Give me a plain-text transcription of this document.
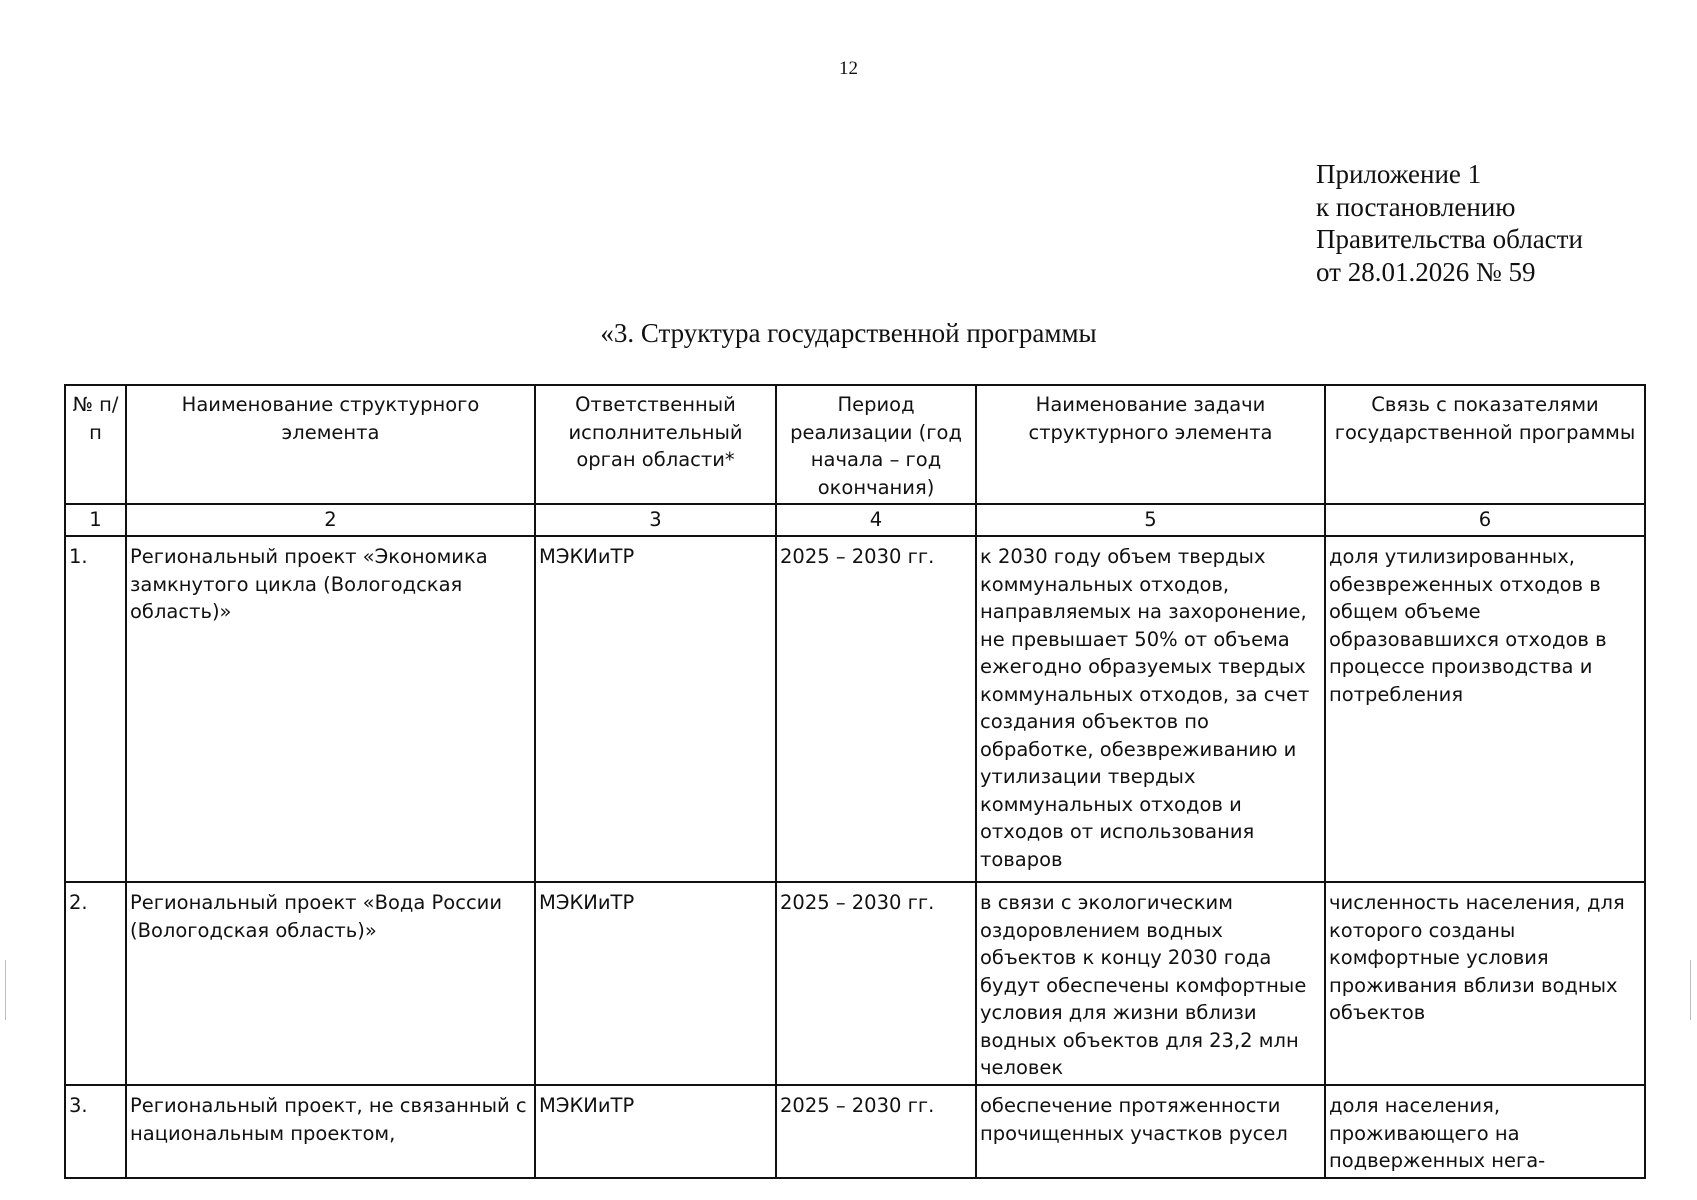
12
Приложение 1
к постановлению
Правительства области
от 28.01.2026 № 59
«3. Структура государственной программы
№ п/п	Наименование структурного элемента	Ответственный исполнительный орган области*	Период реализации (год начала – год окончания)	Наименование задачи структурного элемента	Связь с показателями государственной программы
1	2	3	4	5	6
1.	Региональный проект «Экономика замкнутого цикла (Вологодская область)»	МЭКИиТР	2025 – 2030 гг.	к 2030 году объем твердых коммунальных отходов, направляемых на захоронение, не превышает 50% от объема ежегодно образуемых твердых коммунальных отходов, за счет создания объектов по обработке, обезвреживанию и утилизации твердых коммунальных отходов и отходов от использования товаров	доля утилизированных, обезвреженных отходов в общем объеме образовавшихся отходов в процессе производства и потребления
2.	Региональный проект «Вода России (Вологодская область)»	МЭКИиТР	2025 – 2030 гг.	в связи с экологическим оздоровлением водных объектов к концу 2030 года будут обеспечены комфортные условия для жизни вблизи водных объектов для 23,2 млн человек	численность населения, для которого созданы комфортные условия проживания вблизи водных объектов
3.	Региональный проект, не связанный с национальным проектом,	МЭКИиТР	2025 – 2030 гг.	обеспечение протяженности прочищенных участков русел	доля населения, проживающего на подверженных нега-
